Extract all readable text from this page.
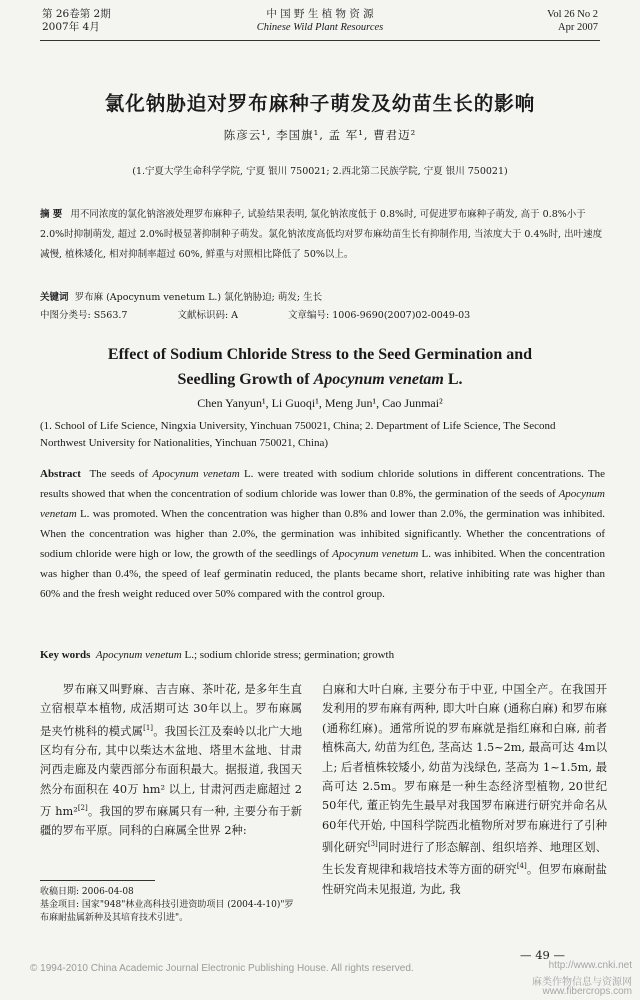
第 26卷第 2期
2007年 4月
中 国 野 生 植 物 资 源
Chinese Wild Plant Resources
Vol 26 No 2
Apr 2007
氯化钠胁迫对罗布麻种子萌发及幼苗生长的影响
陈彦云¹, 李国旗¹, 孟 军¹, 曹君迈²
(1.宁夏大学生命科学学院, 宁夏 银川 750021; 2.西北第二民族学院, 宁夏 银川 750021)

摘 要 用不同浓度的氯化钠溶液处理罗布麻种子, 试验结果表明, 氯化钠浓度低于 0.8%时, 可促进罗布麻种子萌发, 高于 0.8%小于 2.0%时抑制萌发, 超过 2.0%时极显著抑制种子萌发。氯化钠浓度高低均对罗布麻幼苗生长有抑制作用, 当浓度大于 0.4%时, 出叶速度减慢, 植株矮化, 相对抑制率超过 60%, 鲜重与对照相比降低了 50%以上。

关键词 罗布麻 (Apocynum venetum L.) 氯化钠胁迫; 萌发; 生长

中图分类号: S563.7	文献标识码: A	文章编号: 1006-9690(2007)02-0049-03

Effect of Sodium Chloride Stress to the Seed Germination and
Seedling Growth of Apocynum venetam L.
Chen Yanyun¹, Li Guoqi¹, Meng Jun¹, Cao Junmai²
(1. School of Life Science, Ningxia University, Yinchuan 750021, China; 2. Department of Life Science, The Second Northwest University for Nationalities, Yinchuan 750021, China)

Abstract The seeds of Apocynum venetam L. were treated with sodium chloride solutions in different concentrations. The results showed that when the concentration of sodium chloride was lower than 0.8%, the germination of the seeds of Apocynum venetam L. was promoted. When the concentration was higher than 0.8% and lower than 2.0%, the germination was inhibited. When the concentration was higher than 2.0%, the germination was inhibited significantly. Whether the concentrations of sodium chloride were high or low, the growth of the seedlings of Apocynum venetum L. was inhibited. When the concentration was higher than 0.4%, the speed of leaf germinatin reduced, the plants became short, relative inhibiting rate was higher than 60% and the fresh weight reduced over 50% compared with the control group.

Key words Apocynum venetum L.; sodium chloride stress; germination; growth

  罗布麻又叫野麻、吉吉麻、茶叶花, 是多年生直立宿根草本植物, 成活期可达 30年以上。罗布麻属是夹竹桃科的模式属[1]。我国长江及秦岭以北广大地区均有分布, 其中以柴达木盆地、塔里木盆地、甘肃河西走廊及内蒙西部分布面积最大。据报道, 我国天然分布面积在 40万 hm² 以上, 甘肃河西走廊超过 2万 hm²[2]。我国的罗布麻属只有一种, 主要分布于新疆的罗布平原。同科的白麻属全世界 2种:

白麻和大叶白麻, 主要分布于中亚, 中国全产。在我国开发利用的罗布麻有两种, 即大叶白麻 (通称白麻) 和罗布麻 (通称红麻)。通常所说的罗布麻就是指红麻和白麻, 前者植株高大, 幼苗为红色, 茎高达 1.5~2m, 最高可达 4m以上; 后者植株较矮小, 幼苗为浅绿色, 茎高为 1~1.5m, 最高可达 2.5m。罗布麻是一种生态经济型植物, 20世纪 50年代, 董正钧先生最早对我国罗布麻进行研究并命名从 60年代开始, 中国科学院西北植物所对罗布麻进行了引种驯化研究[3]同时进行了形态解剖、组织培养、地理区划、生长发育规律和栽培技术等方面的研究[4]。但罗布麻耐盐性研究尚未见报道, 为此, 我

收稿日期: 2006-04-08
基金项目: 国家"948"林业高科技引进资助项目 (2004-4-10)"罗布麻耐盐属新种及其培育技术引进"。

— 49 —
© 1994-2010 China Academic Journal Electronic Publishing House. All rights reserved.	http://www.cnki.net
麻类作物信息与资源网
www.fibercrops.com
